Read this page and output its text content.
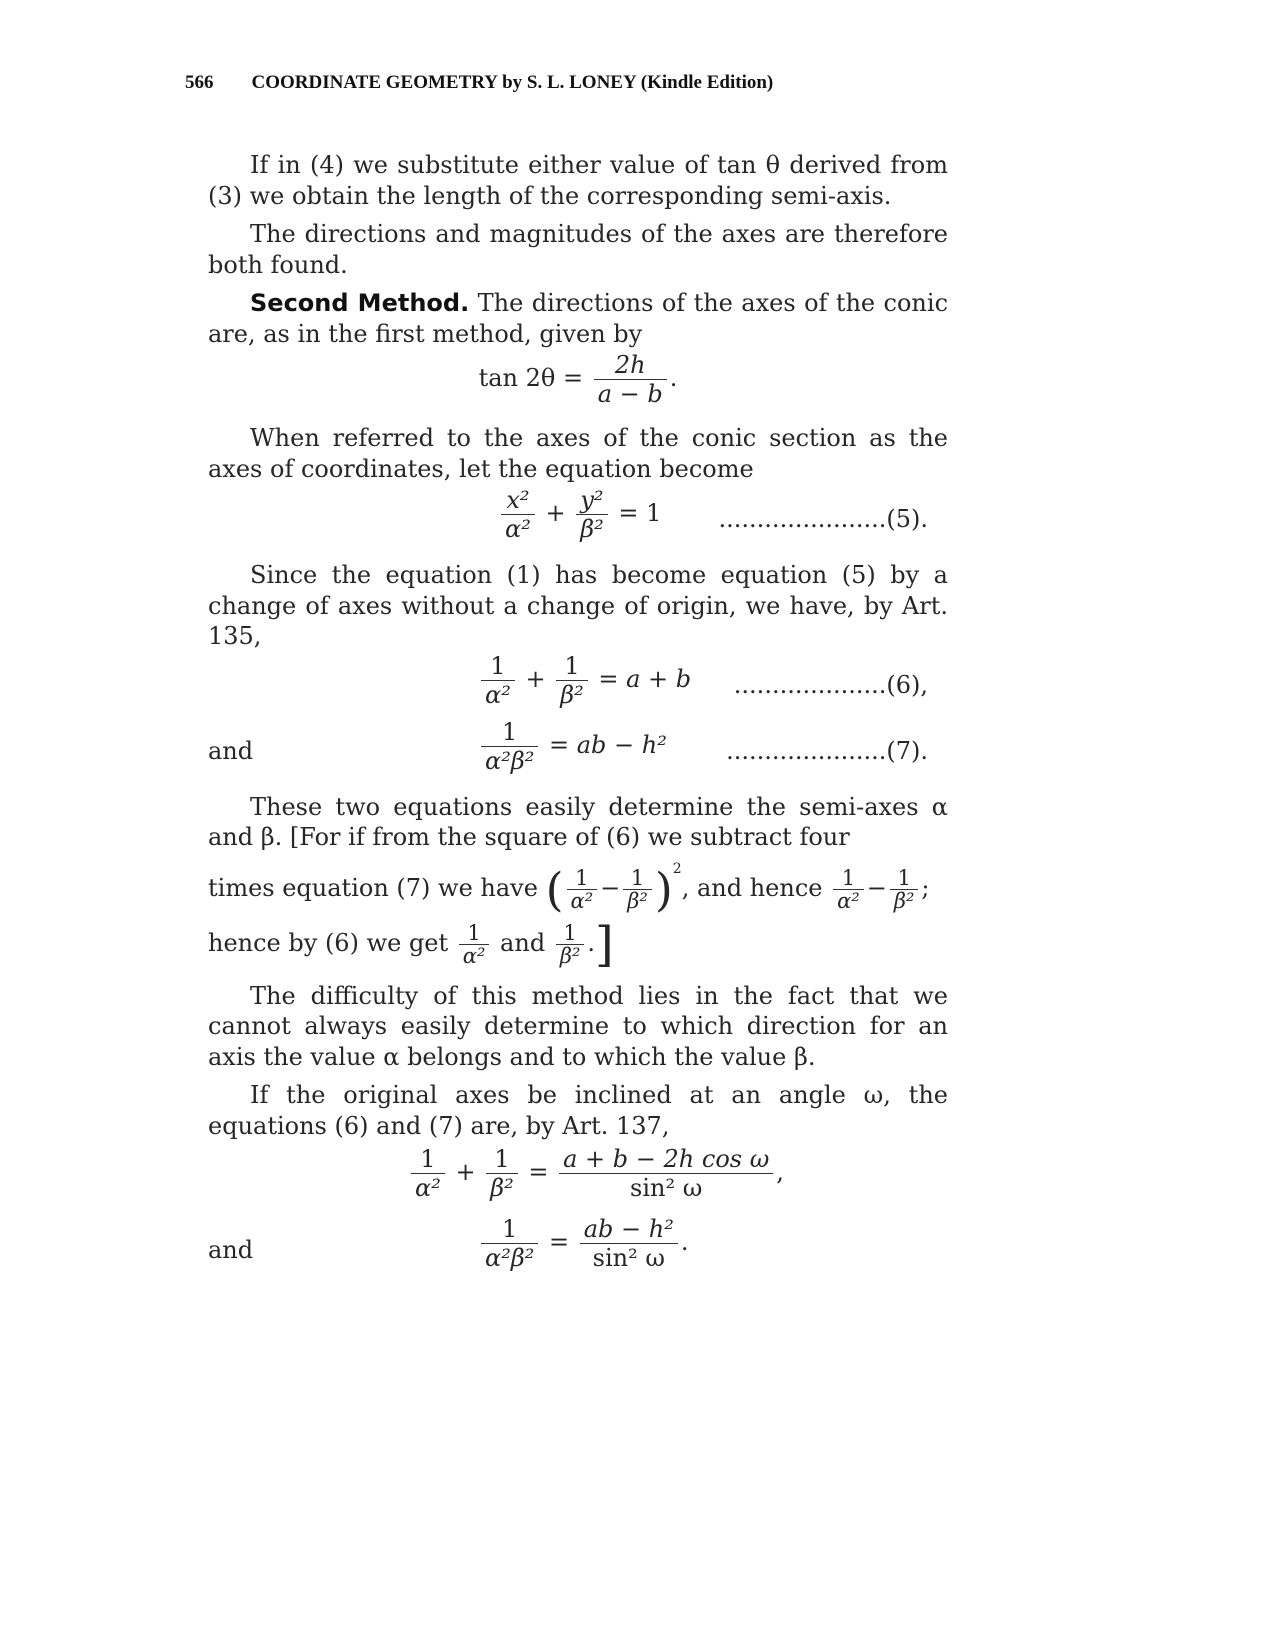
566 COORDINATE GEOMETRY by S. L. LONEY (Kindle Edition)

If in (4) we substitute either value of tan θ derived from (3) we obtain the length of the corresponding semi-axis.

The directions and magnitudes of the axes are therefore both found.

Second Method. The directions of the axes of the conic are, as in the first method, given by

$\tan 2\theta = \frac{2h}{a - b}$ .

When referred to the axes of the conic section as the axes of coordinates, let the equation become

$\frac{\text{x²}}{\text{α²}} + \frac{\text{y²}}{\text{β²}} = 1$ ......................(5).

Since the equation (1) has become equation (5) by a change of axes without a change of origin, we have, by Art. 135,

$\frac{1}{\text{α²}} + \frac{1}{\text{β²}} = a + b$ ....................(6),
and	$\frac{1}{\text{α²β²}}$ = ab − h² .....................(7).

These two equations easily determine the semi-axes α and β. [For if from the square of (6) we subtract four

times equation (7) we have ( $\frac{1}{\text{α²}} - \frac{1}{\text{β²}} )^2$, and hence $\frac{1}{\text{α²}} - \frac{1}{\text{β²}}$ ;
hence by (6) we get $\frac{1}{\text{α²}}$ and $\frac{1}{\text{β²}}$ .]

The difficulty of this method lies in the fact that we cannot always easily determine to which direction for an axis the value α belongs and to which the value β.

If the original axes be inclined at an angle ω, the equations (6) and (7) are, by Art. 137,

$\frac{1}{\text{α²}} + \frac{1}{\text{β²}} = \frac{\text{a + b − 2h cos ω}}{\text{sin² ω}}$ ,
and	$\frac{1}{\text{α²β²}} = \frac{\text{ab − h²}}{\text{sin² ω}}$ .
